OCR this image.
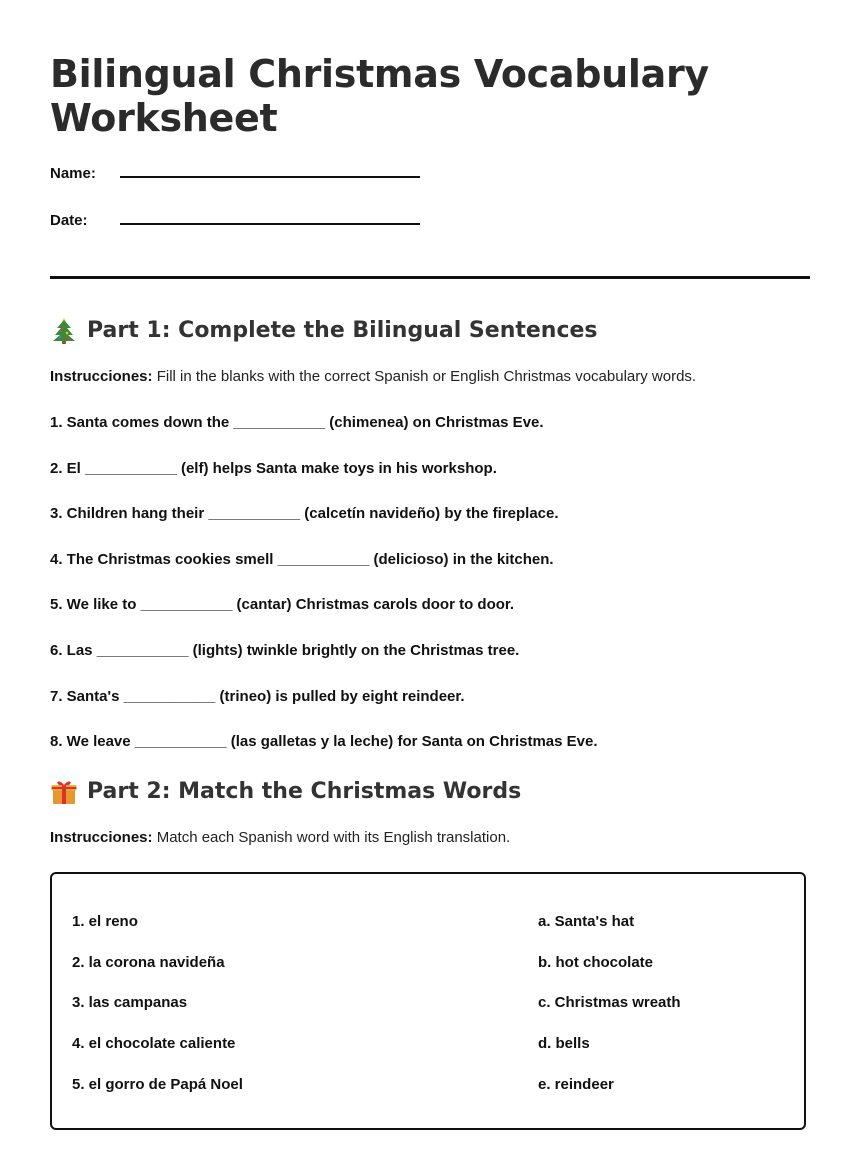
Bilingual Christmas Vocabulary Worksheet
Name:
Date:
Part 1: Complete the Bilingual Sentences
Instrucciones: Fill in the blanks with the correct Spanish or English Christmas vocabulary words.
1. Santa comes down the ___________ (chimenea) on Christmas Eve.
2. El ___________ (elf) helps Santa make toys in his workshop.
3. Children hang their ___________ (calcetín navideño) by the fireplace.
4. The Christmas cookies smell ___________ (delicioso) in the kitchen.
5. We like to ___________ (cantar) Christmas carols door to door.
6. Las ___________ (lights) twinkle brightly on the Christmas tree.
7. Santa's ___________ (trineo) is pulled by eight reindeer.
8. We leave ___________ (las galletas y la leche) for Santa on Christmas Eve.
Part 2: Match the Christmas Words
Instrucciones: Match each Spanish word with its English translation.
1. el reno
2. la corona navideña
3. las campanas
4. el chocolate caliente
5. el gorro de Papá Noel
a. Santa's hat
b. hot chocolate
c. Christmas wreath
d. bells
e. reindeer
